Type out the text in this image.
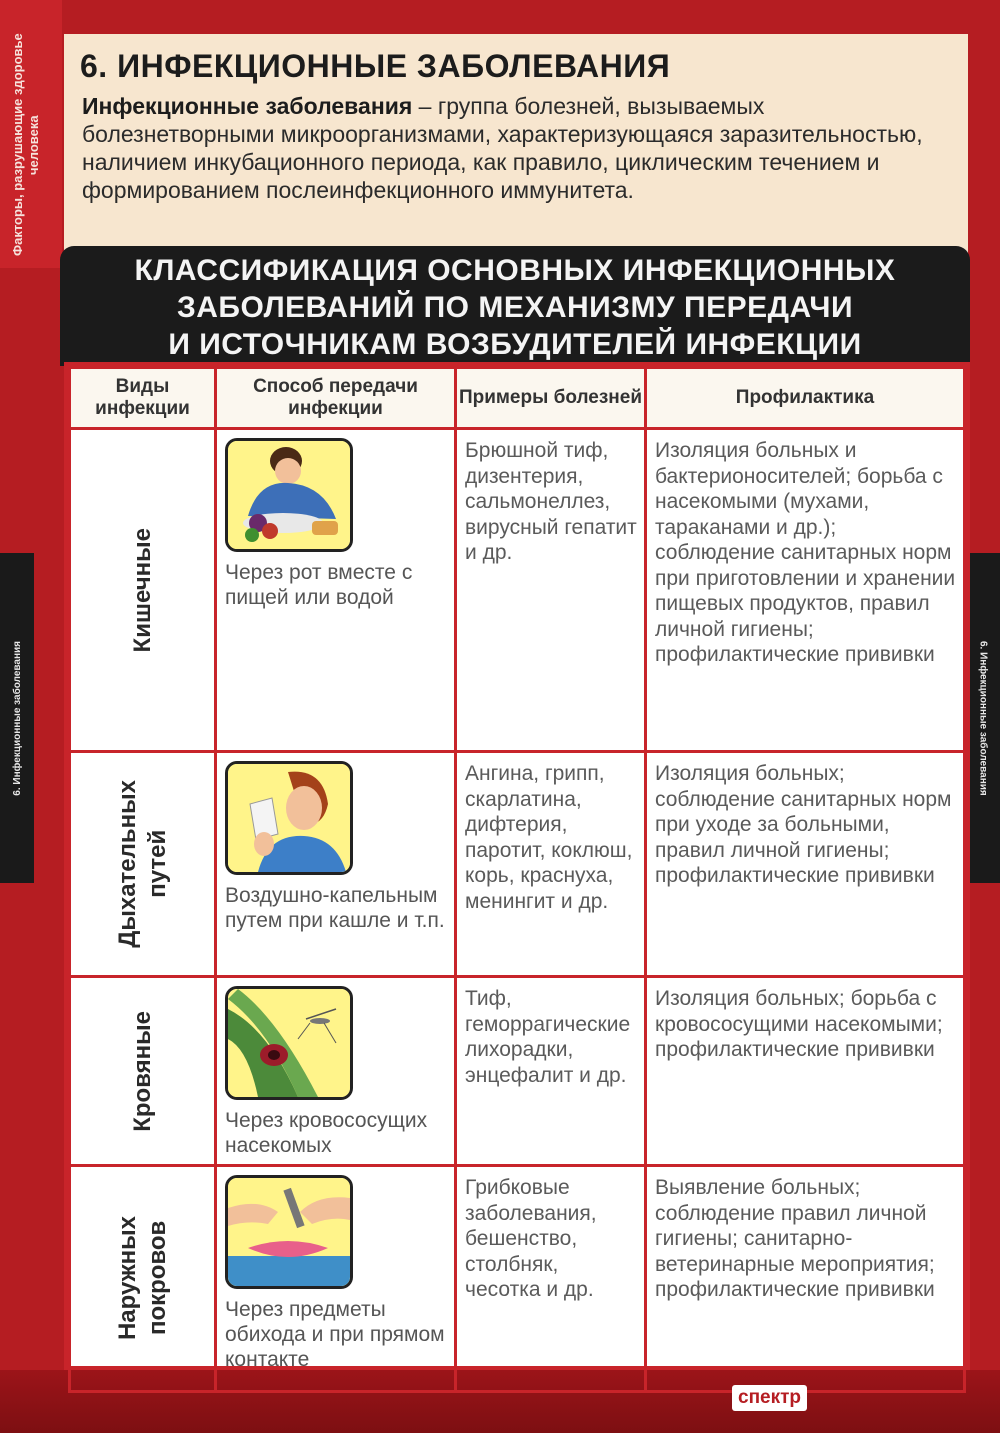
Факторы, разрушающие здоровье человека
6. Инфекционные заболевания	6. Инфекционные заболевания
6. ИНФЕКЦИОННЫЕ ЗАБОЛЕВАНИЯ
Инфекционные заболевания – группа болезней, вызываемых болезнетворными микроорганизмами, характеризующаяся заразительностью, наличием инкубационного периода, как правило, циклическим течением и формированием послеинфекционного иммунитета.
КЛАССИФИКАЦИЯ ОСНОВНЫХ ИНФЕКЦИОННЫХ
ЗАБОЛЕВАНИЙ ПО МЕХАНИЗМУ ПЕРЕДАЧИ
И ИСТОЧНИКАМ ВОЗБУДИТЕЛЕЙ ИНФЕКЦИИ
Виды инфекции	Способ передачи инфекции	Примеры болезней	Профилактика

Кишечные	Через рот вместе с пищей или водой	Брюшной тиф, дизентерия, сальмонеллез, вирусный гепатит и др.	Изоляция больных и бактерионосителей; борьба с насекомыми (мухами, тараканами и др.); соблюдение санитарных норм при приготовлении и хранении пищевых продуктов, правил личной гигиены; профилактические прививки

Дыхательных
путей	Воздушно-капельным путем при кашле и т.п.	Ангина, грипп, скарлатина, дифтерия, паротит, коклюш, корь, краснуха, менингит и др.	Изоляция больных; соблюдение санитарных норм при уходе за больными, правил личной гигиены; профилактические прививки

Кровяные	Через кровососущих насекомых	Тиф, геморрагические лихорадки, энцефалит и др.	Изоляция больных; борьба с кровососущими насекомыми; профилактические прививки

Наружных
покровов	Через предметы обихода и при прямом контакте	Грибковые заболевания, бешенство, столбняк, чесотка и др.	Выявление больных; соблюдение правил личной гигиены; санитарно-ветеринарные мероприятия; профилактические прививки
спектр
